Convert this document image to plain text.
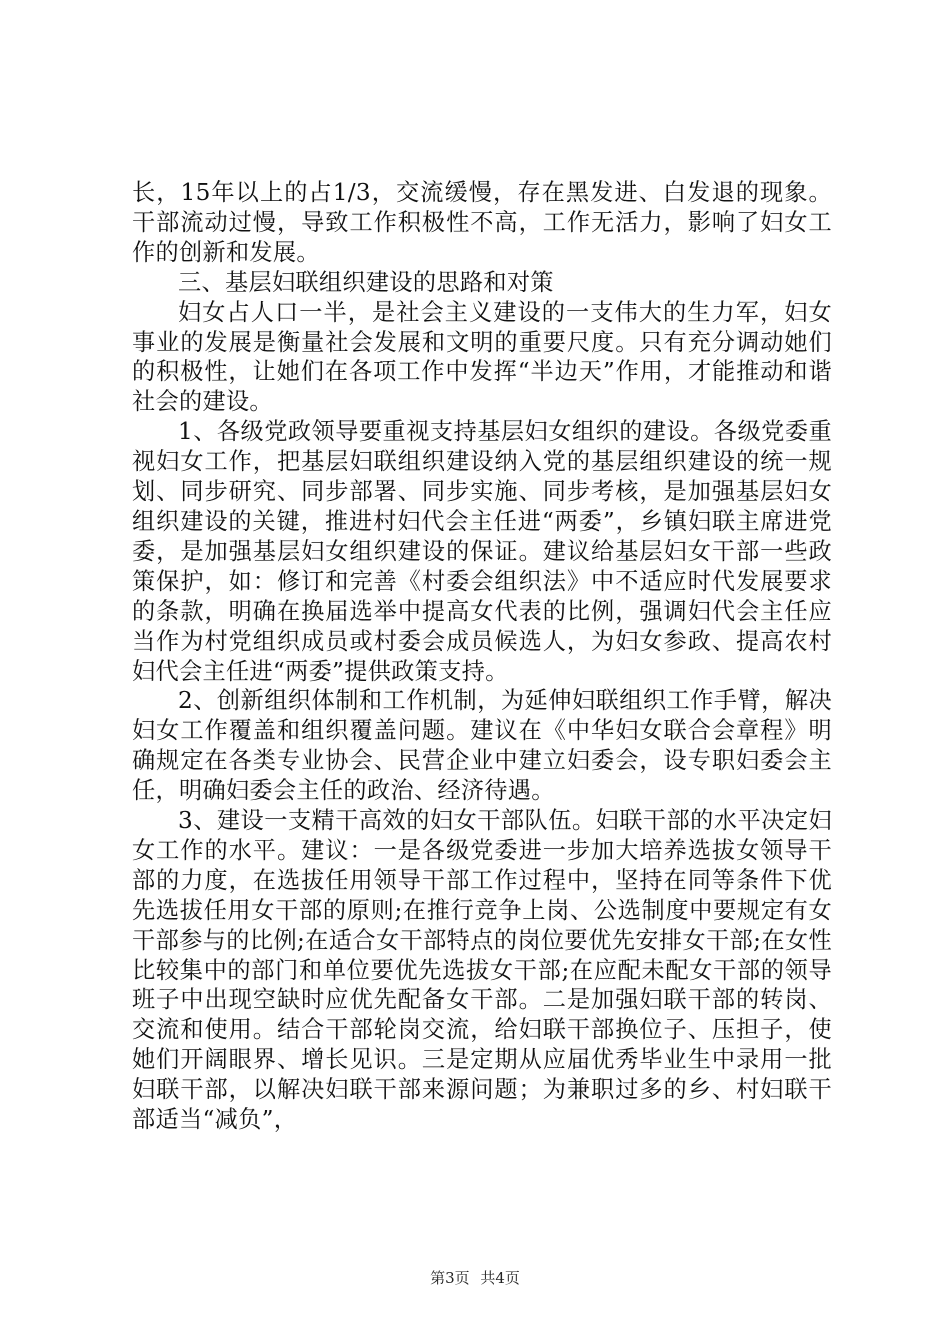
长，15年以上的占1/3，交流缓慢，存在黑发进、白发退的现象。干部流动过慢，导致工作积极性不高，工作无活力，影响了妇女工作的创新和发展。

三、基层妇联组织建设的思路和对策

妇女占人口一半，是社会主义建设的一支伟大的生力军，妇女事业的发展是衡量社会发展和文明的重要尺度。只有充分调动她们的积极性，让她们在各项工作中发挥“半边天”作用，才能推动和谐社会的建设。

1、各级党政领导要重视支持基层妇女组织的建设。各级党委重视妇女工作，把基层妇联组织建设纳入党的基层组织建设的统一规划、同步研究、同步部署、同步实施、同步考核，是加强基层妇女组织建设的关键，推进村妇代会主任进“两委”，乡镇妇联主席进党委，是加强基层妇女组织建设的保证。建议给基层妇女干部一些政策保护，如：修订和完善《村委会组织法》中不适应时代发展要求的条款，明确在换届选举中提高女代表的比例，强调妇代会主任应当作为村党组织成员或村委会成员候选人，为妇女参政、提高农村妇代会主任进“两委”提供政策支持。

2、创新组织体制和工作机制，为延伸妇联组织工作手臂，解决妇女工作覆盖和组织覆盖问题。建议在《中华妇女联合会章程》明确规定在各类专业协会、民营企业中建立妇委会，设专职妇委会主任，明确妇委会主任的政治、经济待遇。

3、建设一支精干高效的妇女干部队伍。妇联干部的水平决定妇女工作的水平。建议：一是各级党委进一步加大培养选拔女领导干部的力度，在选拔任用领导干部工作过程中，坚持在同等条件下优先选拔任用女干部的原则;在推行竞争上岗、公选制度中要规定有女干部参与的比例;在适合女干部特点的岗位要优先安排女干部;在女性比较集中的部门和单位要优先选拔女干部;在应配未配女干部的领导班子中出现空缺时应优先配备女干部。二是加强妇联干部的转岗、交流和使用。结合干部轮岗交流，给妇联干部换位子、压担子，使她们开阔眼界、增长见识。三是定期从应届优秀毕业生中录用一批妇联干部，以解决妇联干部来源问题；为兼职过多的乡、村妇联干部适当“减负”，

第3页 共4页
